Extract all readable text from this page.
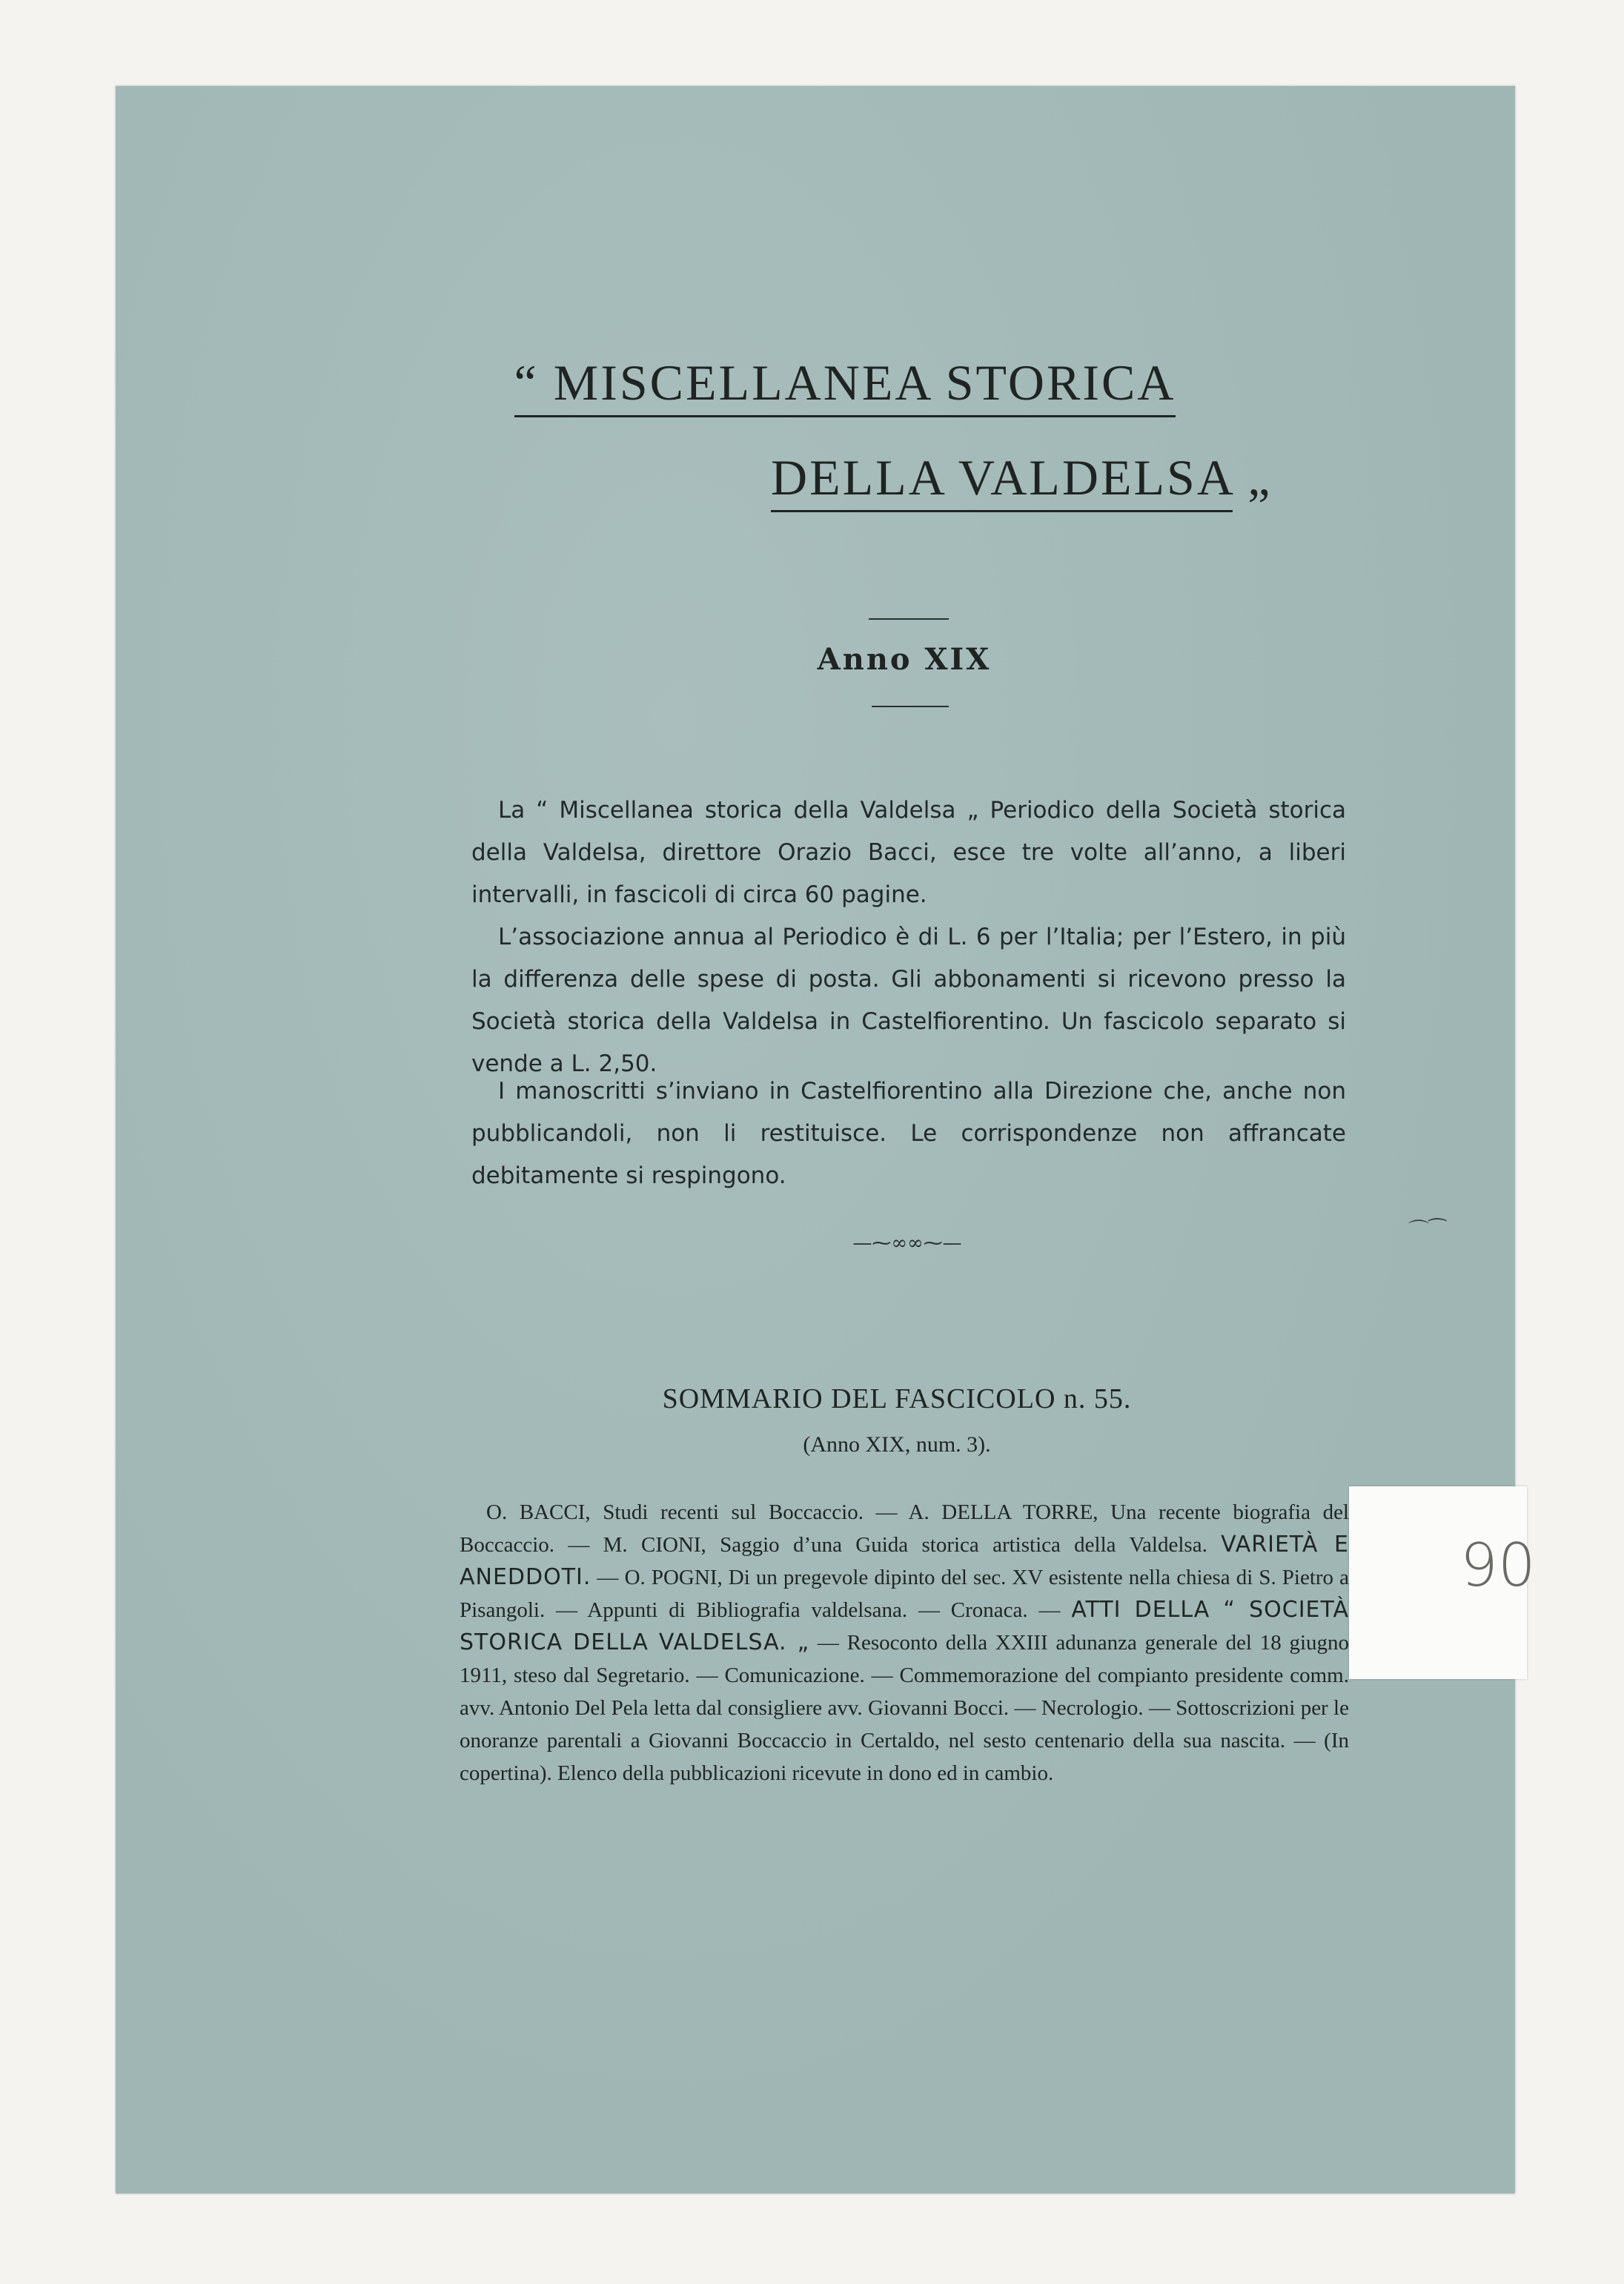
“ MISCELLANEA STORICA
DELLA VALDELSA „
Anno XIX
La “ Miscellanea storica della Valdelsa „ Periodico della Società storica della Valdelsa, direttore Orazio Bacci, esce tre volte all’anno, a liberi intervalli, in fascicoli di circa 60 pagine.
L’associazione annua al Periodico è di L. 6 per l’Italia; per l’Estero, in più la differenza delle spese di posta. Gli abbonamenti si ricevono presso la Società storica della Valdelsa in Castelfiorentino. Un fascicolo separato si vende a L. 2,50.
I manoscritti s’inviano in Castelfiorentino alla Direzione che, anche non pubblicandoli, non li restituisce. Le corrispondenze non affrancate debitamente si respingono.
—⁓∞∞⁓—
SOMMARIO DEL FASCICOLO n. 55.
(Anno XIX, num. 3).
O. BACCI, Studi recenti sul Boccaccio. — A. DELLA TORRE, Una recente biografia del Boccaccio. — M. CIONI, Saggio d’una Guida storica artistica della Valdelsa. VARIETÀ E ANEDDOTI. — O. POGNI, Di un pregevole dipinto del sec. XV esistente nella chiesa di S. Pietro a Pisangoli. — Appunti di Bibliografia valdelsana. — Cronaca. — ATTI DELLA “ SOCIETÀ STORICA DELLA VALDELSA. „ — Resoconto della XXIII adunanza generale del 18 giugno 1911, steso dal Segretario. — Comunicazione. — Commemorazione del compianto presidente comm. avv. Antonio Del Pela letta dal consigliere avv. Giovanni Bocci. — Necrologio. — Sottoscrizioni per le onoranze parentali a Giovanni Boccaccio in Certaldo, nel sesto centenario della sua nascita. — (In copertina). Elenco della pubblicazioni ricevute in dono ed in cambio.
⌒⁀
90
